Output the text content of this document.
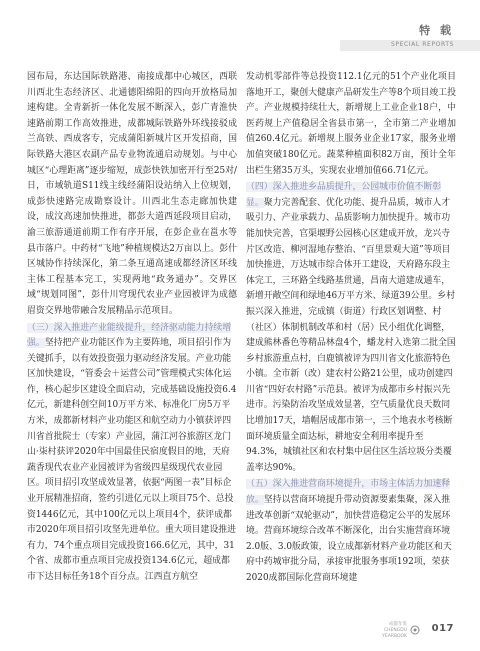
特 载
SPECIAL REPORTS

园布局，东达国际铁路港、南接成都中心城区，西联川西北生态经济区、北通德阳绵阳的四向开放格局加速构建。全青新折一体化发展不断深入，彭广青淮快速路前期工作高效推进，成都城际铁路外环线接驳成兰高铁、西成客专，完成蒲阳新城片区开发招商，国际铁路大港区农副产品专业物流通启动规划。与中心城区“心理距离”逐步缩短，成彭快铁加密开行至25对/日，市域轨道S11线主线经蒲阳设站纳入上位规划，成彭快速路完成勘察设计。川西北生态走廊加快建设，成汶高速加快推进，都彭大道西延段项目启动，渝三旅游通道前期工作有序开展，在彭企业在邕水等县市落户。中药材“飞地”种植规模达2万亩以上。彭什区城协作持续深化，第二条互通高速成都经济区环线主体工程基本完工，实现两地“政务通办”。交界区域“规划同图”，彭什川穹现代农业产业园被评为成德眉资交界地带融合发展精品示范项目。

（三）深入推进产业能级提升，经济驱动能力持续增强。坚持把产业功能区作为主要阵地，项目招引作为关键抓手，以有效投资强力驱动经济发展。产业功能区加快建设，“管委会＋运营公司”管理模式实体化运作，核心起步区建设全面启动，完成基础设施投资6.4亿元，新建科创空间10万平方米、标准化厂房5万平方米，成都新材料产业功能区和航空动力小镇获评四川省首批院士（专家）产业园，蒲江河谷旅游区龙门山·柒村获评2020年中国最佳民宿度假目的地，天府蔬香现代农业产业园被评为省级四星级现代农业园区。项目招引攻坚成效显著，依据“两图一表”目标企业开展精准招商，签约引进亿元以上项目75个、总投资1446亿元，其中100亿元以上项目4个，获评成都市2020年项目招引攻坚先进单位。重大项目建设推进有力，74个重点项目完成投资166.6亿元，其中，31个省、成都市重点项目完成投资134.6亿元，超成都市下达目标任务18个百分点。江西直方航空

发动机零部件等总投资112.1亿元的51个产业化项目落地开工，聚创大健康产品研发生产等8个项目竣工投产。产业规模持续壮大，新增规上工业企业18户，中医药规上产值稳居全省县市第一，全市第二产业增加值260.4亿元。新增规上服务业企业17家，服务业增加值突破180亿元。蔬菜种植面积82万亩，预计全年出栏生猪35万头，实现农业增加值66.71亿元。

（四）深入推进乡品质提升，公园城市价值不断彰显。聚力完善配套、优化功能、提升品质，城市人才吸引力、产业承载力、品质影响力加快提升。城市功能加快完善，官渠堰野公园核心区建成开放，龙兴寺片区改造、柳河湿地存整治、“百里景观大道”等项目加快推进，万达城市综合体开工建设，天府路东段主体完工，三环路全线路基贯通，昌南大道建成通车，新增开敞空间和绿地46万平方米、绿道39公里。乡村振兴深入推进，完成镇（街道）行政区划调整、村（社区）体制机制改革和村（居）民小组优化调整，建成熊林番色等精品林盘4个，蟠龙村入选第二批全国乡村旅游重点村，白鹿镇被评为四川省文化旅游特色小镇。全市新（改）建农村公路21公里，成功创建四川省“四好农村路”示范县。被评为成都市乡村振兴先进市。污染防治攻坚成效显著，空气质量优良天数同比增加17天，墙帽居成都市第一，三个地表水考核断面环境质量全面达标，耕地安全利用率提升至94.3%，城镇社区和农村集中居住区生活垃圾分类覆盖率达90%。

（五）深入推进营商环境提升，市场主体活力加速释放。坚持以营商环境提升带动资源要素集聚，深入推进改革创新“双轮驱动”，加快营造稳定公平的发展环境。营商环境综合改革不断深化，出台实施营商环境2.0版、3.0版政策，设立成都新材料产业功能区和天府中药城审批分局，承接审批服务事项192项，荣获2020成都国际化营商环境建

成都年鉴
CHENGDU YEARBOOK
017
